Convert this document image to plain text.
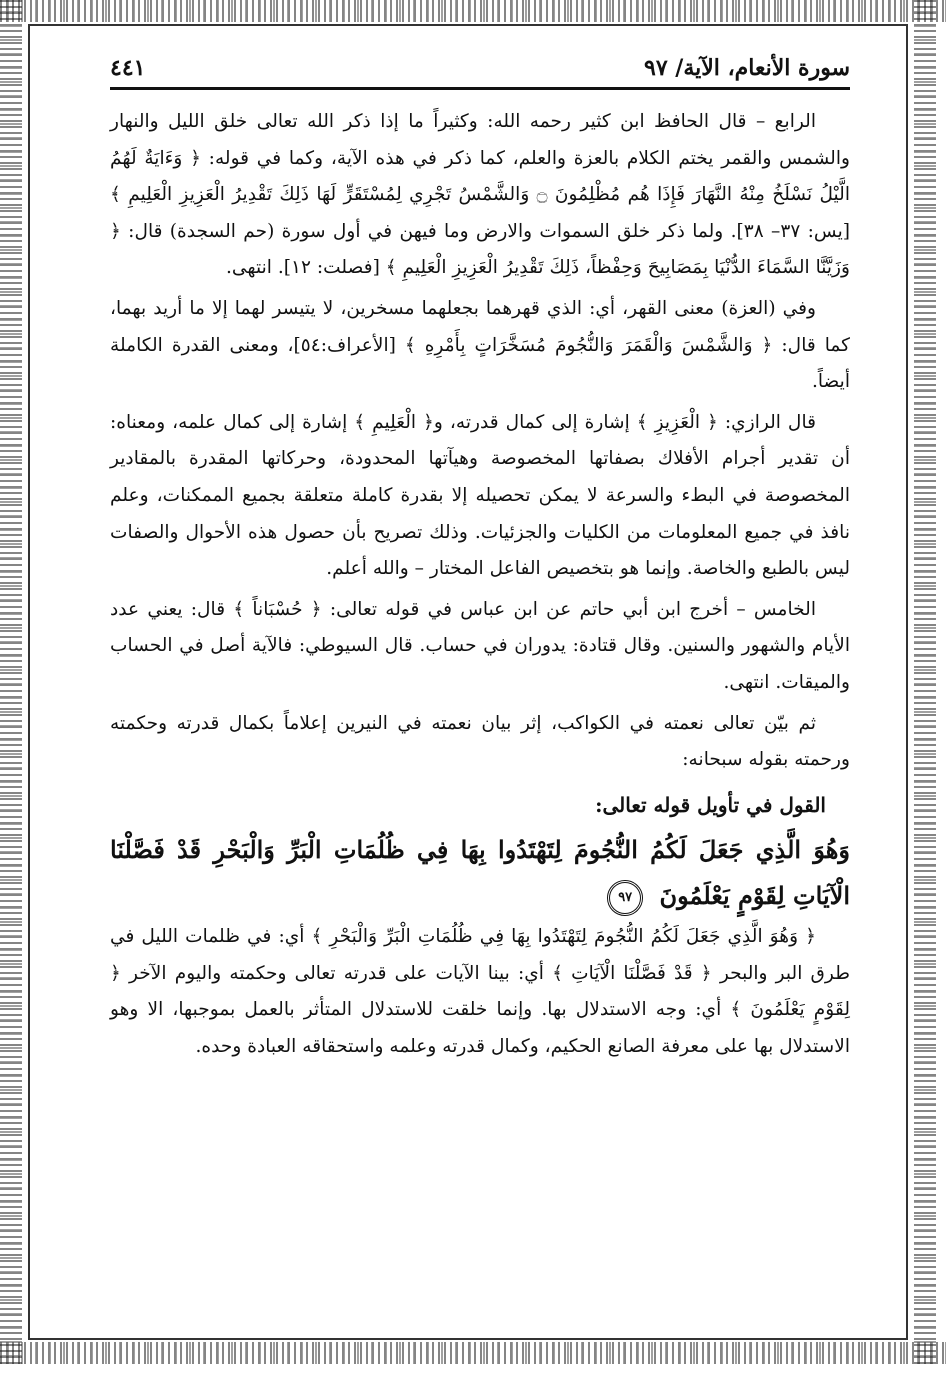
سورة الأنعام، الآية/ ٩٧
٤٤١

الرابع – قال الحافظ ابن كثير رحمه الله: وكثيراً ما إذا ذكر الله تعالى خلق الليل والنهار والشمس والقمر يختم الكلام بالعزة والعلم، كما ذكر في هذه الآية، وكما في قوله: ﴿ وَءَايَةٌ لَهُمُ الَّيْلُ نَسْلَخُ مِنْهُ النَّهَارَ فَإِذَا هُم مُظْلِمُونَ ۝ وَالشَّمْسُ تَجْرِي لِمُسْتَقَرٍّ لَهَا ذَلِكَ تَقْدِيرُ الْعَزِيزِ الْعَلِيمِ ﴾ [يس: ٣٧– ٣٨]. ولما ذكر خلق السموات والارض وما فيهن في أول سورة (حم السجدة) قال: ﴿ وَزَيَّنَّا السَّمَاءَ الدُّنْيَا بِمَصَابِيحَ وَحِفْظاً، ذَلِكَ تَقْدِيرُ الْعَزِيزِ الْعَلِيمِ ﴾ [فصلت: ١٢]. انتهى.

وفي (العزة) معنى القهر، أي: الذي قهرهما بجعلهما مسخرين، لا يتيسر لهما إلا ما أريد بهما، كما قال: ﴿ وَالشَّمْسَ وَالْقَمَرَ وَالنُّجُومَ مُسَخَّرَاتٍ بِأَمْرِهِ ﴾ [الأعراف:٥٤]، ومعنى القدرة الكاملة أيضاً.

قال الرازي: ﴿ الْعَزِيزِ ﴾ إشارة إلى كمال قدرته، و﴿ الْعَلِيمِ ﴾ إشارة إلى كمال علمه، ومعناه: أن تقدير أجرام الأفلاك بصفاتها المخصوصة وهيآتها المحدودة، وحركاتها المقدرة بالمقادير المخصوصة في البطء والسرعة لا يمكن تحصيله إلا بقدرة كاملة متعلقة بجميع الممكنات، وعلم نافذ في جميع المعلومات من الكليات والجزئيات. وذلك تصريح بأن حصول هذه الأحوال والصفات ليس بالطبع والخاصة. وإنما هو بتخصيص الفاعل المختار – والله أعلم.

الخامس – أخرج ابن أبي حاتم عن ابن عباس في قوله تعالى: ﴿ حُسْبَاناً ﴾ قال: يعني عدد الأيام والشهور والسنين. وقال قتادة: يدوران في حساب. قال السيوطي: فالآية أصل في الحساب والميقات. انتهى.

ثم بيّن تعالى نعمته في الكواكب، إثر بيان نعمته في النيرين إعلاماً بكمال قدرته وحكمته ورحمته بقوله سبحانه:

القول في تأويل قوله تعالى:

وَهُوَ الَّذِي جَعَلَ لَكُمُ النُّجُومَ لِتَهْتَدُوا بِهَا فِي ظُلُمَاتِ الْبَرِّ وَالْبَحْرِ قَدْ فَصَّلْنَا الْآيَاتِ لِقَوْمٍ يَعْلَمُونَ
٩٧

﴿ وَهُوَ الَّذِي جَعَلَ لَكُمُ النُّجُومَ لِتَهْتَدُوا بِهَا فِي ظُلُمَاتِ الْبَرِّ وَالْبَحْرِ ﴾ أي: في ظلمات الليل في طرق البر والبحر ﴿ قَدْ فَصَّلْنَا الْآيَاتِ ﴾ أي: بينا الآيات على قدرته تعالى وحكمته واليوم الآخر ﴿ لِقَوْمٍ يَعْلَمُونَ ﴾ أي: وجه الاستدلال بها. وإنما خلقت للاستدلال المتأثر بالعمل بموجبها، الا وهو الاستدلال بها على معرفة الصانع الحكيم، وكمال قدرته وعلمه واستحقاقه العبادة وحده.
